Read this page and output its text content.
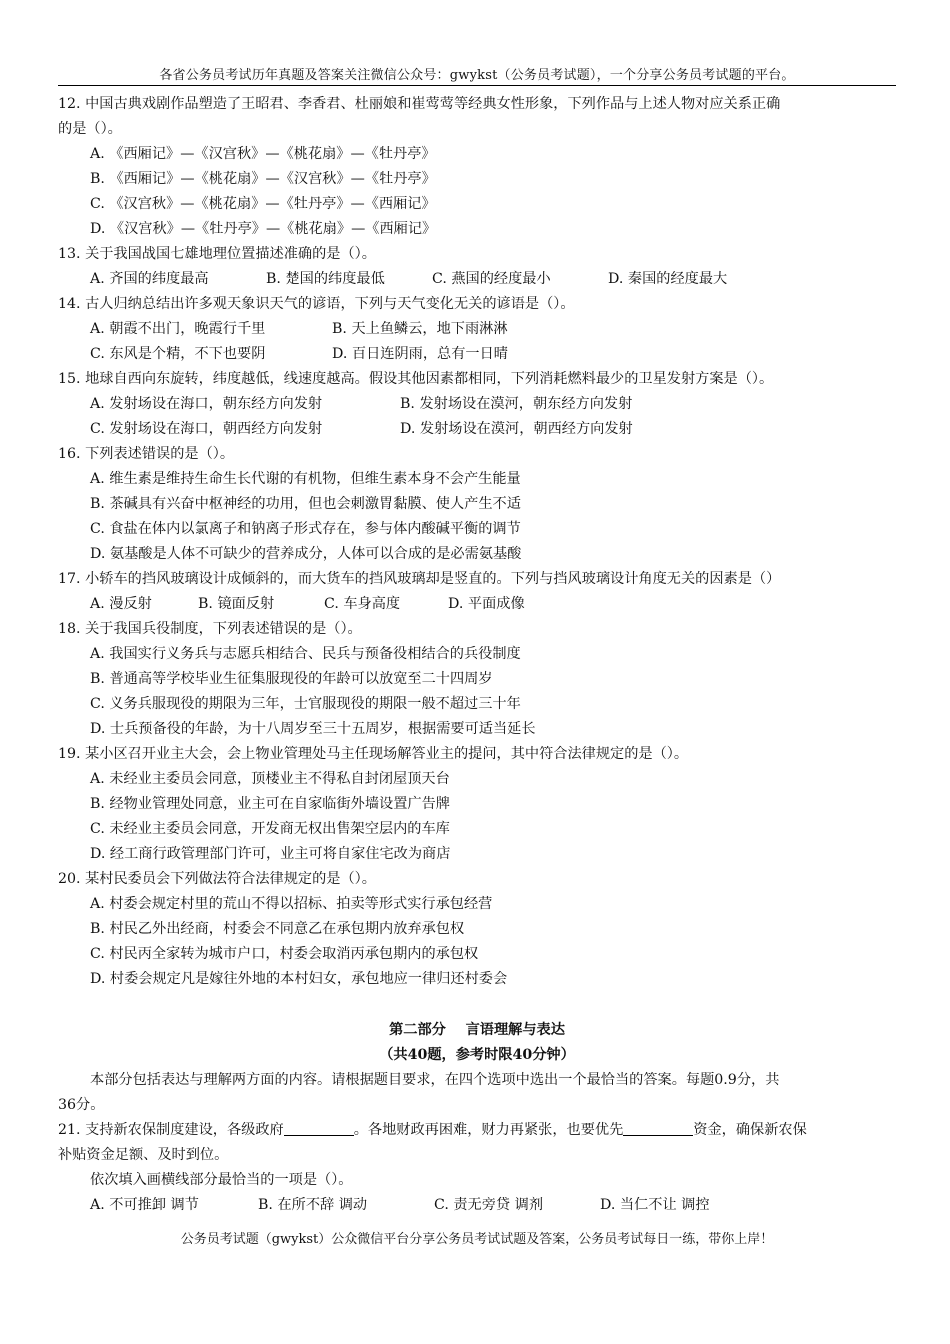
各省公务员考试历年真题及答案关注微信公众号：gwykst（公务员考试题），一个分享公务员考试题的平台。
12. 中国古典戏剧作品塑造了王昭君、李香君、杜丽娘和崔莺莺等经典女性形象，下列作品与上述人物对应关系正确
的是（）。
A. 《西厢记》—《汉宫秋》—《桃花扇》—《牡丹亭》
B. 《西厢记》—《桃花扇》—《汉宫秋》—《牡丹亭》
C. 《汉宫秋》—《桃花扇》—《牡丹亭》—《西厢记》
D. 《汉宫秋》—《牡丹亭》—《桃花扇》—《西厢记》
13. 关于我国战国七雄地理位置描述准确的是（）。
A. 齐国的纬度最高	B. 楚国的纬度最低	C. 燕国的经度最小	D. 秦国的经度最大
14. 古人归纳总结出许多观天象识天气的谚语，下列与天气变化无关的谚语是（）。
A. 朝霞不出门，晚霞行千里	B. 天上鱼鳞云，地下雨淋淋
C. 东风是个精，不下也要阴	D. 百日连阴雨，总有一日晴
15. 地球自西向东旋转，纬度越低，线速度越高。假设其他因素都相同，下列消耗燃料最少的卫星发射方案是（）。
A. 发射场设在海口，朝东经方向发射	B. 发射场设在漠河，朝东经方向发射
C. 发射场设在海口，朝西经方向发射	D. 发射场设在漠河，朝西经方向发射
16. 下列表述错误的是（）。
A. 维生素是维持生命生长代谢的有机物，但维生素本身不会产生能量
B. 茶碱具有兴奋中枢神经的功用，但也会刺激胃黏膜、使人产生不适
C. 食盐在体内以氯离子和钠离子形式存在，参与体内酸碱平衡的调节
D. 氨基酸是人体不可缺少的营养成分，人体可以合成的是必需氨基酸
17. 小轿车的挡风玻璃设计成倾斜的，而大货车的挡风玻璃却是竖直的。下列与挡风玻璃设计角度无关的因素是（）
A. 漫反射	B. 镜面反射	C. 车身高度	D. 平面成像
18. 关于我国兵役制度，下列表述错误的是（）。
A. 我国实行义务兵与志愿兵相结合、民兵与预备役相结合的兵役制度
B. 普通高等学校毕业生征集服现役的年龄可以放宽至二十四周岁
C. 义务兵服现役的期限为三年，士官服现役的期限一般不超过三十年
D. 士兵预备役的年龄，为十八周岁至三十五周岁，根据需要可适当延长
19. 某小区召开业主大会，会上物业管理处马主任现场解答业主的提问，其中符合法律规定的是（）。
A. 未经业主委员会同意，顶楼业主不得私自封闭屋顶天台
B. 经物业管理处同意，业主可在自家临街外墙设置广告牌
C. 未经业主委员会同意，开发商无权出售架空层内的车库
D. 经工商行政管理部门许可，业主可将自家住宅改为商店
20. 某村民委员会下列做法符合法律规定的是（）。
A. 村委会规定村里的荒山不得以招标、拍卖等形式实行承包经营
B. 村民乙外出经商，村委会不同意乙在承包期内放弃承包权
C. 村民丙全家转为城市户口，村委会取消丙承包期内的承包权
D. 村委会规定凡是嫁往外地的本村妇女，承包地应一律归还村委会
第二部分    言语理解与表达
（共40题，参考时限40分钟）
本部分包括表达与理解两方面的内容。请根据题目要求，在四个选项中选出一个最恰当的答案。每题0.9分，共
36分。
21. 支持新农保制度建设，各级政府	。各地财政再困难，财力再紧张，也要优先	资金，确保新农保
补贴资金足额、及时到位。
依次填入画横线部分最恰当的一项是（）。
A. 不可推卸 调节	B. 在所不辞 调动	C. 责无旁贷 调剂	D. 当仁不让 调控
公务员考试题（gwykst）公众微信平台分享公务员考试试题及答案，公务员考试每日一练，带你上岸！
